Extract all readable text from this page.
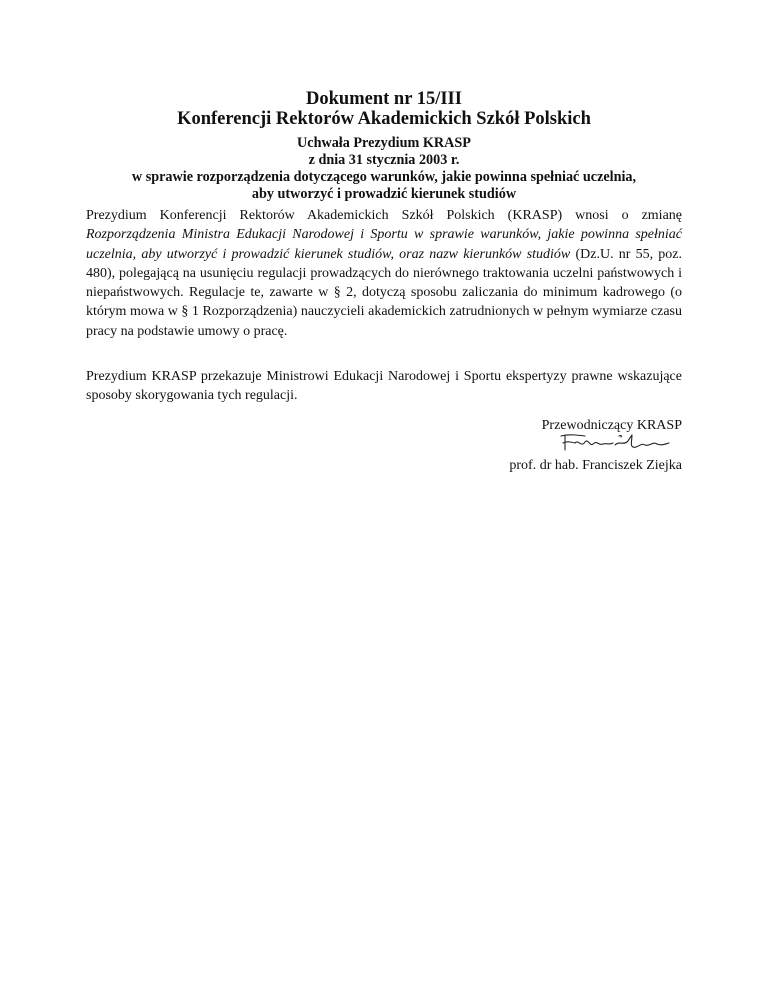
Dokument nr 15/III
Konferencji Rektorów Akademickich Szkół Polskich

Uchwała Prezydium KRASP

z dnia 31 stycznia 2003 r.

w sprawie rozporządzenia dotyczącego warunków, jakie powinna spełniać uczelnia,

aby utworzyć i prowadzić kierunek studiów

Prezydium Konferencji Rektorów Akademickich Szkół Polskich (KRASP) wnosi o zmianę Rozporządzenia Ministra Edukacji Narodowej i Sportu w sprawie warunków, jakie powinna spełniać uczelnia, aby utworzyć i prowadzić kierunek studiów, oraz nazw kierunków studiów (Dz.U. nr 55, poz. 480), polegającą na usunięciu regulacji prowadzących do nierównego traktowania uczelni państwowych i niepaństwowych. Regulacje te, zawarte w § 2, dotyczą sposobu zaliczania do minimum kadrowego (o którym mowa w § 1 Rozporządzenia) nauczycieli akademickich zatrudnionych w pełnym wymiarze czasu pracy na podstawie umowy o pracę.

Prezydium KRASP przekazuje Ministrowi Edukacji Narodowej i Sportu ekspertyzy prawne wskazujące sposoby skorygowania tych regulacji.

Przewodniczący KRASP

prof. dr hab. Franciszek Ziejka
